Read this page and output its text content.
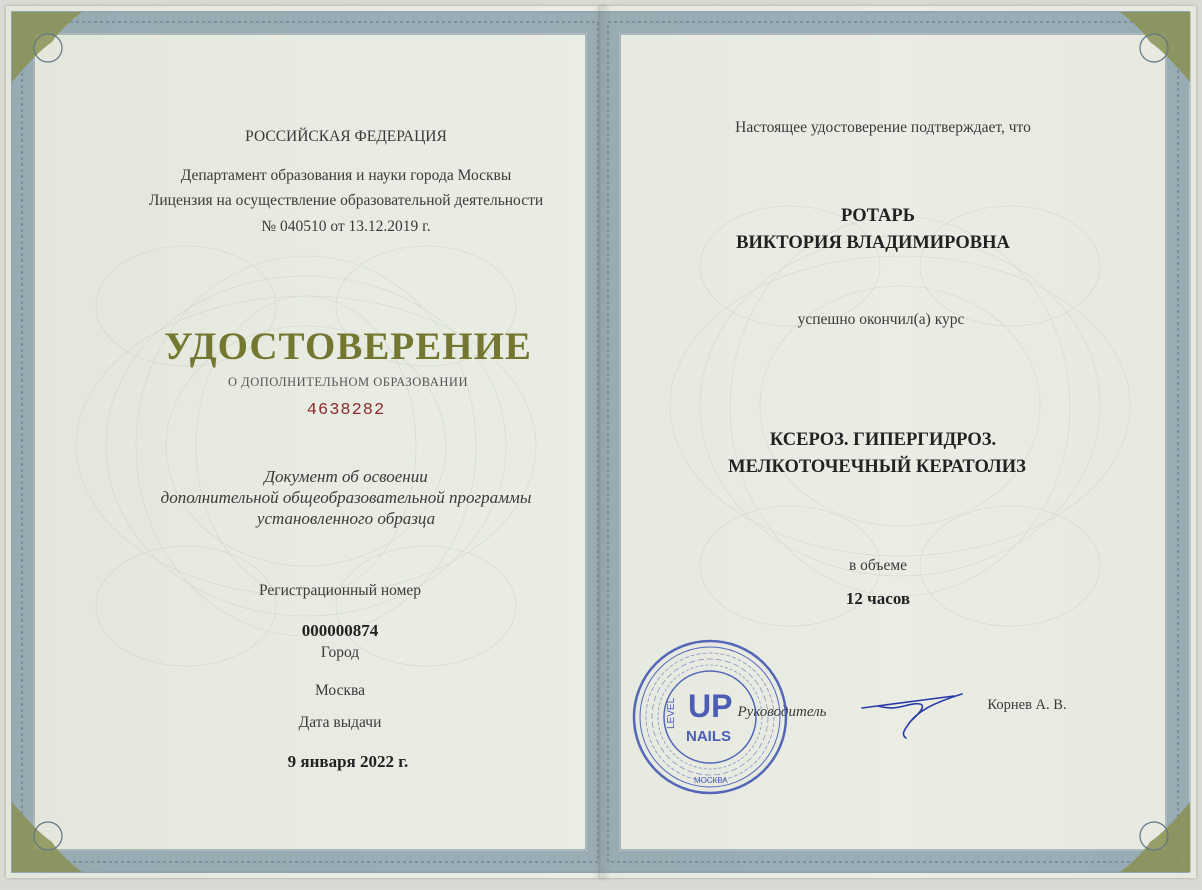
РОССИЙСКАЯ ФЕДЕРАЦИЯ
Департамент образования и науки города Москвы
Лицензия на осуществление образовательной деятельности
№ 040510 от 13.12.2019 г.
УДОСТОВЕРЕНИЕ
О ДОПОЛНИТЕЛЬНОМ ОБРАЗОВАНИИ
4638282
Документ об освоении
дополнительной общеобразовательной программы
установленного образца
Регистрационный номер
000000874
Город
Москва
Дата выдачи
9 января 2022 г.
Настоящее удостоверение подтверждает, что
РОТАРЬ
ВИКТОРИЯ ВЛАДИМИРОВНА
успешно окончил(а) курс
КСЕРОЗ. ГИПЕРГИДРОЗ.
МЕЛКОТОЧЕЧНЫЙ КЕРАТОЛИЗ
в объеме
12 часов
Руководитель	Корнев А. В.
LEVEL UP
NAILS
МОСКВА
